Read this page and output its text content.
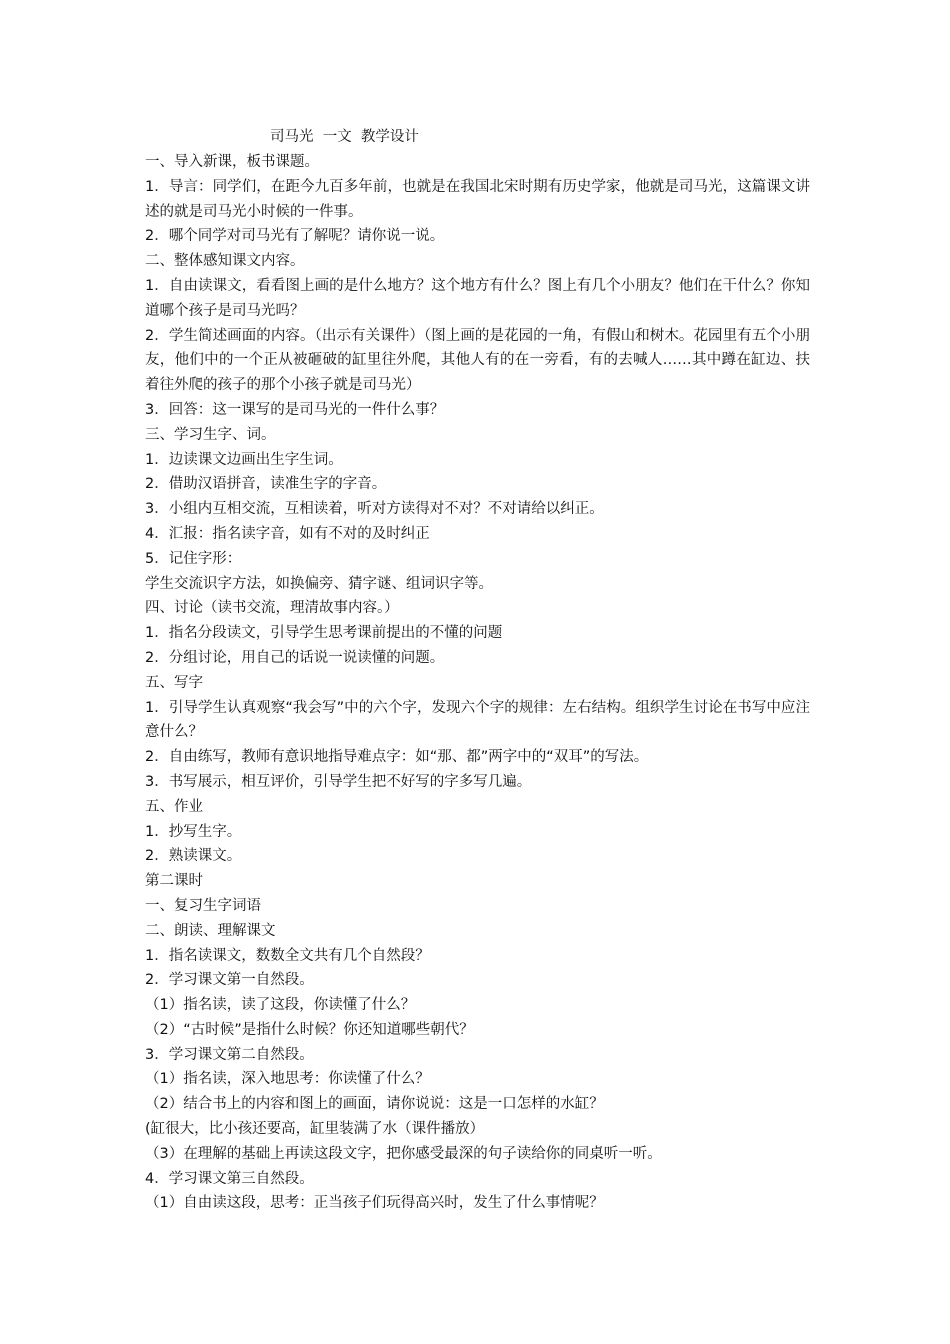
司马光  一文  教学设计

一、导入新课，板书课题。

1．导言：同学们，在距今九百多年前，也就是在我国北宋时期有历史学家，他就是司马光，这篇课文讲述的就是司马光小时候的一件事。

2．哪个同学对司马光有了解呢？请你说一说。

二、整体感知课文内容。

1．自由读课文，看看图上画的是什么地方？这个地方有什么？图上有几个小朋友？他们在干什么？你知道哪个孩子是司马光吗？

2．学生简述画面的内容。（出示有关课件）（图上画的是花园的一角，有假山和树木。花园里有五个小朋友，他们中的一个正从被砸破的缸里往外爬，其他人有的在一旁看，有的去喊人……其中蹲在缸边、扶着往外爬的孩子的那个小孩子就是司马光）

3．回答：这一课写的是司马光的一件什么事？

三、学习生字、词。

1．边读课文边画出生字生词。

2．借助汉语拼音，读准生字的字音。

3．小组内互相交流，互相读着，听对方读得对不对？不对请给以纠正。

4．汇报：指名读字音，如有不对的及时纠正

5．记住字形：

学生交流识字方法，如换偏旁、猜字谜、组词识字等。

四、讨论（读书交流，理清故事内容。）

1．指名分段读文，引导学生思考课前提出的不懂的问题

2．分组讨论，用自己的话说一说读懂的问题。

五、写字

1．引导学生认真观察“我会写”中的六个字，发现六个字的规律：左右结构。组织学生讨论在书写中应注意什么？

2．自由练写，教师有意识地指导难点字：如“那、都”两字中的“双耳”的写法。

3．书写展示，相互评价，引导学生把不好写的字多写几遍。

五、作业

1．抄写生字。

2．熟读课文。

第二课时

一、复习生字词语

二、朗读、理解课文

1．指名读课文，数数全文共有几个自然段？

2．学习课文第一自然段。

（1）指名读，读了这段，你读懂了什么？

（2）“古时候”是指什么时候？你还知道哪些朝代？

3．学习课文第二自然段。

（1）指名读，深入地思考：你读懂了什么？

（2）结合书上的内容和图上的画面，请你说说：这是一口怎样的水缸？

(缸很大，比小孩还要高，缸里装满了水（课件播放）

（3）在理解的基础上再读这段文字，把你感受最深的句子读给你的同桌听一听。

4．学习课文第三自然段。

（1）自由读这段，思考：正当孩子们玩得高兴时，发生了什么事情呢？
